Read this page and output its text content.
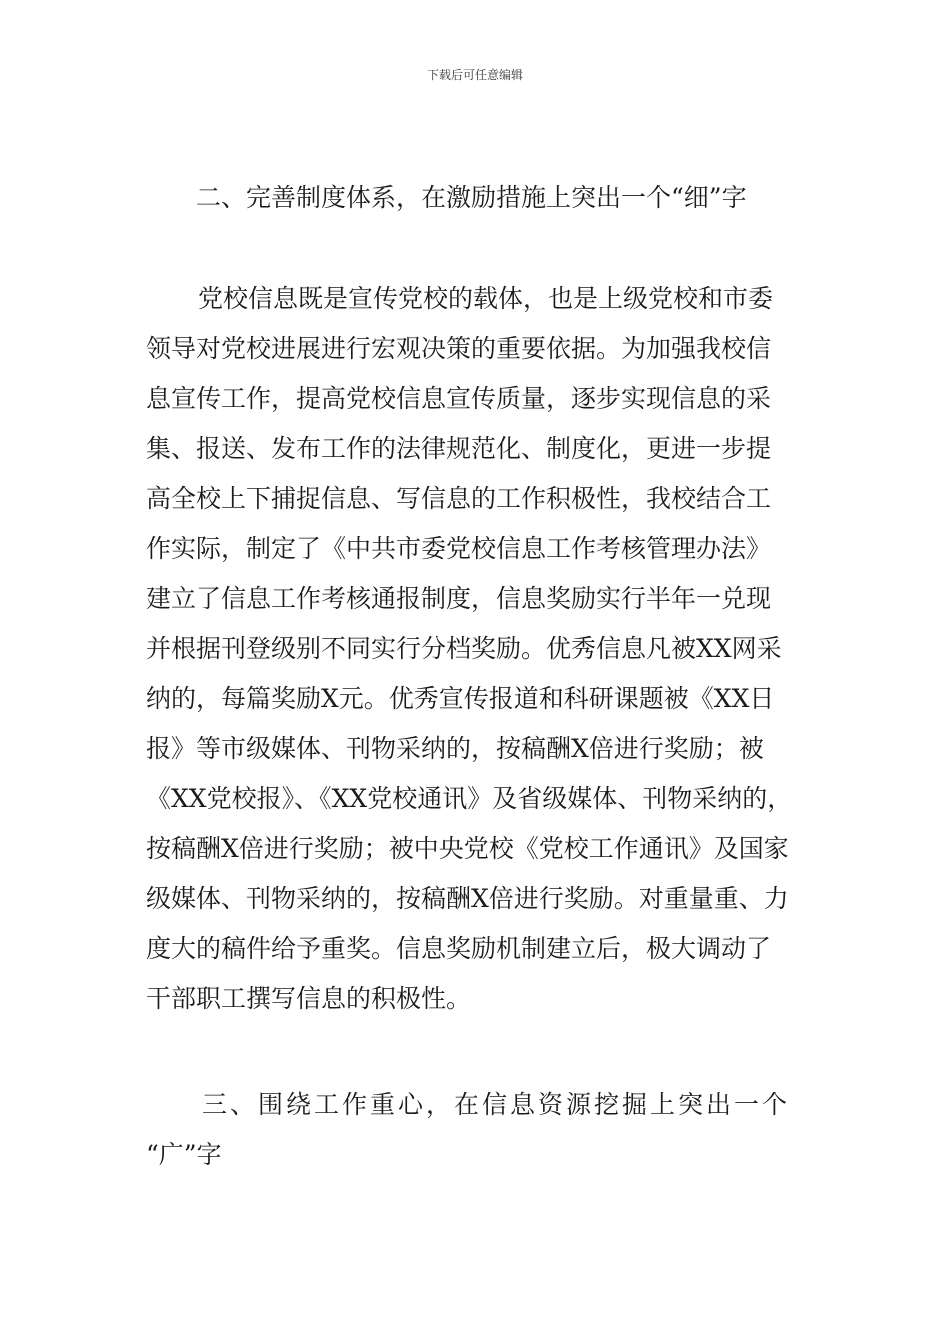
下载后可任意编辑
二、完善制度体系，在激励措施上突出一个“细”字

党校信息既是宣传党校的载体，也是上级党校和市委

领导对党校进展进行宏观决策的重要依据。为加强我校信

息宣传工作，提高党校信息宣传质量，逐步实现信息的采

集、报送、发布工作的法律规范化、制度化，更进一步提

高全校上下捕捉信息、写信息的工作积极性，我校结合工

作实际，制定了《中共市委党校信息工作考核管理办法》

建立了信息工作考核通报制度，信息奖励实行半年一兑现

并根据刊登级别不同实行分档奖励。优秀信息凡被XX网采

纳的，每篇奖励X元。优秀宣传报道和科研课题被《XX日

报》等市级媒体、刊物采纳的，按稿酬X倍进行奖励；被

《XX党校报》、《XX党校通讯》及省级媒体、刊物采纳的，

按稿酬X倍进行奖励；被中央党校《党校工作通讯》及国家

级媒体、刊物采纳的，按稿酬X倍进行奖励。对重量重、力

度大的稿件给予重奖。信息奖励机制建立后，极大调动了

干部职工撰写信息的积极性。

三、围绕工作重心，在信息资源挖掘上突出一个
“广”字
